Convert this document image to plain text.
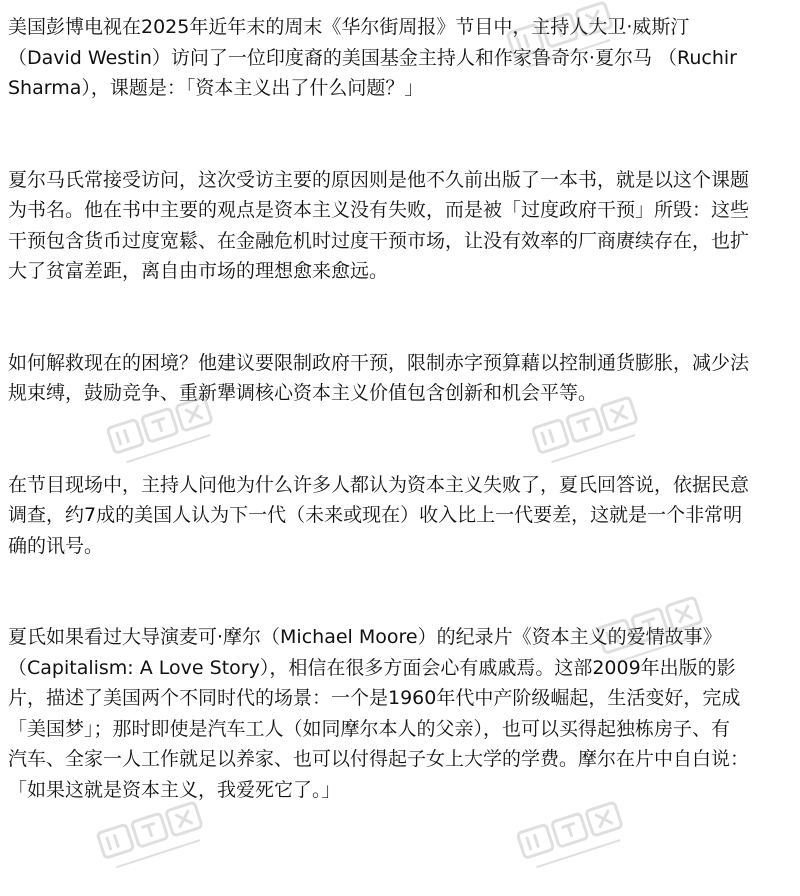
美国彭博电视在2025年近年末的周末《华尔街周报》节目中，主持人大卫·威斯汀
（David Westin）访问了一位印度裔的美国基金主持人和作家鲁奇尔·夏尔马 （Ruchir
Sharma），课题是：「资本主义出了什么问题？」
夏尔马氏常接受访问，这次受访主要的原因则是他不久前出版了一本书，就是以这个课题
为书名。他在书中主要的观点是资本主义没有失败，而是被「过度政府干预」所毁：这些
干预包含货币过度宽鬆、在金融危机时过度干预市场，让没有效率的厂商赓续存在，也扩
大了贫富差距，离自由市场的理想愈来愈远。
如何解救现在的困境？他建议要限制政府干预，限制赤字预算藉以控制通货膨胀，减少法
规束缚，鼓励竞争、重新犟调核心资本主义价值包含创新和机会平等。
在节目现场中，主持人问他为什么许多人都认为资本主义失败了，夏氏回答说，依据民意
调查，约7成的美国人认为下一代（未来或现在）收入比上一代要差，这就是一个非常明
确的讯号。
夏氏如果看过大导演麦可·摩尔（Michael Moore）的纪录片《资本主义的爱情故事》
（Capitalism: A Love Story），相信在很多方面会心有戚戚焉。这部2009年出版的影
片，描述了美国两个不同时代的场景：一个是1960年代中产阶级崛起，生活变好，完成
「美国梦」；那时即使是汽车工人（如同摩尔本人的父亲），也可以买得起独栋房子、有
汽车、全家一人工作就足以养家、也可以付得起子女上大学的学费。摩尔在片中自白说：
「如果这就是资本主义，我爱死它了。」
